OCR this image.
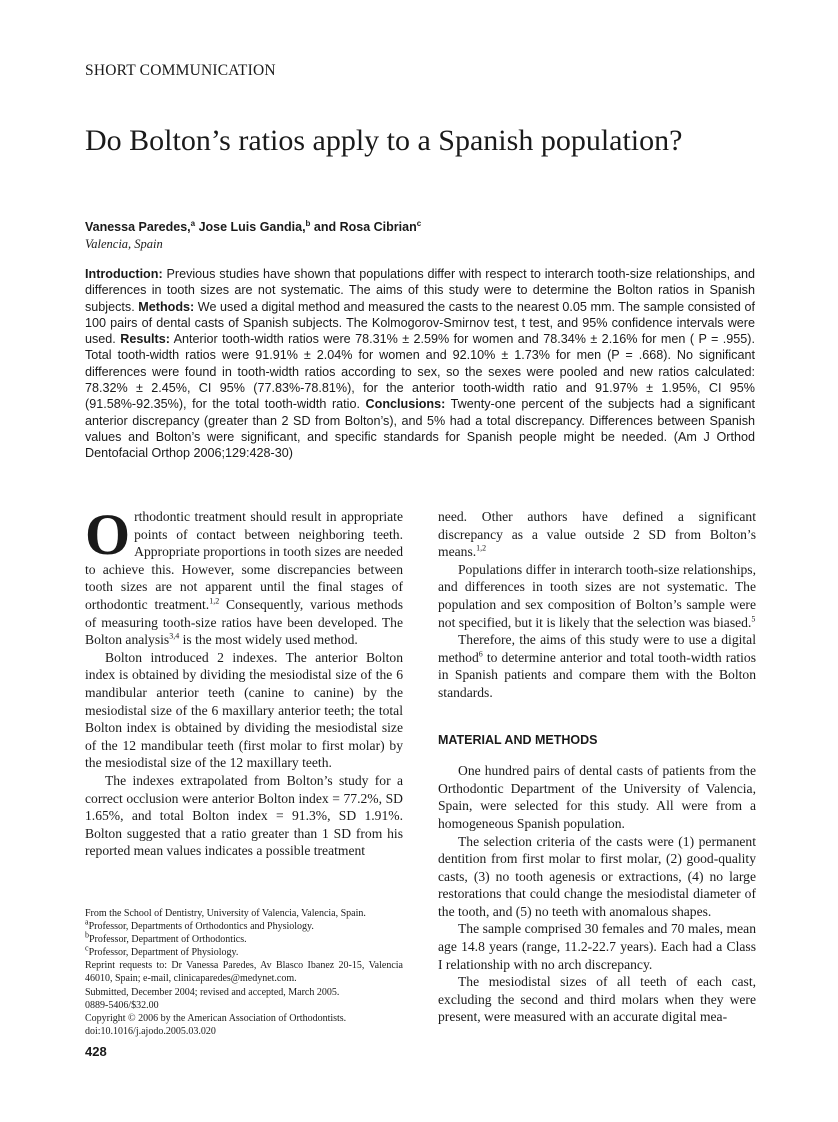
SHORT COMMUNICATION
Do Bolton’s ratios apply to a Spanish population?
Vanessa Paredes,$^a$ Jose Luis Gandia,$^b$ and Rosa Cibrian$^c$
Valencia, Spain
Introduction: Previous studies have shown that populations differ with respect to interarch tooth-size relationships, and differences in tooth sizes are not systematic. The aims of this study were to determine the Bolton ratios in Spanish subjects. Methods: We used a digital method and measured the casts to the nearest 0.05 mm. The sample consisted of 100 pairs of dental casts of Spanish subjects. The Kolmogorov-Smirnov test, t test, and 95% confidence intervals were used. Results: Anterior tooth-width ratios were 78.31% ± 2.59% for women and 78.34% ± 2.16% for men ( P = .955). Total tooth-width ratios were 91.91% ± 2.04% for women and 92.10% ± 1.73% for men (P = .668). No significant differences were found in tooth-width ratios according to sex, so the sexes were pooled and new ratios calculated: 78.32% ± 2.45%, CI 95% (77.83%-78.81%), for the anterior tooth-width ratio and 91.97% ± 1.95%, CI 95% (91.58%-92.35%), for the total tooth-width ratio. Conclusions: Twenty-one percent of the subjects had a significant anterior discrepancy (greater than 2 SD from Bolton’s), and 5% had a total discrepancy. Differences between Spanish values and Bolton’s were significant, and specific standards for Spanish people might be needed. (Am J Orthod Dentofacial Orthop 2006;129:428-30)

Orthodontic treatment should result in appropriate points of contact between neighboring teeth. Appropriate proportions in tooth sizes are needed to achieve this. However, some discrepancies between tooth sizes are not apparent until the final stages of orthodontic treatment.$^{1,2}$ Consequently, various methods of measuring tooth-size ratios have been developed. The Bolton analysis$^{3,4}$ is the most widely used method.

Bolton introduced 2 indexes. The anterior Bolton index is obtained by dividing the mesiodistal size of the 6 mandibular anterior teeth (canine to canine) by the mesiodistal size of the 6 maxillary anterior teeth; the total Bolton index is obtained by dividing the mesiodistal size of the 12 mandibular teeth (first molar to first molar) by the mesiodistal size of the 12 maxillary teeth.

The indexes extrapolated from Bolton’s study for a correct occlusion were anterior Bolton index = 77.2%, SD 1.65%, and total Bolton index = 91.3%, SD 1.91%. Bolton suggested that a ratio greater than 1 SD from his reported mean values indicates a possible treatment

need. Other authors have defined a significant discrepancy as a value outside 2 SD from Bolton’s means.$^{1,2}$

Populations differ in interarch tooth-size relationships, and differences in tooth sizes are not systematic. The population and sex composition of Bolton’s sample were not specified, but it is likely that the selection was biased.$^5$

Therefore, the aims of this study were to use a digital method$^6$ to determine anterior and total tooth-width ratios in Spanish patients and compare them with the Bolton standards.

MATERIAL AND METHODS

One hundred pairs of dental casts of patients from the Orthodontic Department of the University of Valencia, Spain, were selected for this study. All were from a homogeneous Spanish population.

The selection criteria of the casts were (1) permanent dentition from first molar to first molar, (2) good-quality casts, (3) no tooth agenesis or extractions, (4) no large restorations that could change the mesiodistal diameter of the tooth, and (5) no teeth with anomalous shapes.

The sample comprised 30 females and 70 males, mean age 14.8 years (range, 11.2-22.7 years). Each had a Class I relationship with no arch discrepancy.

The mesiodistal sizes of all teeth of each cast, excluding the second and third molars when they were present, were measured with an accurate digital mea-

From the School of Dentistry, University of Valencia, Valencia, Spain.
$^a$Professor, Departments of Orthodontics and Physiology.
$^b$Professor, Department of Orthodontics.
$^c$Professor, Department of Physiology.
Reprint requests to: Dr Vanessa Paredes, Av Blasco Ibanez 20-15, Valencia 46010, Spain; e-mail, clinicaparedes@medynet.com.
Submitted, December 2004; revised and accepted, March 2005.
0889-5406/$32.00
Copyright © 2006 by the American Association of Orthodontists.
doi:10.1016/j.ajodo.2005.03.020
428
